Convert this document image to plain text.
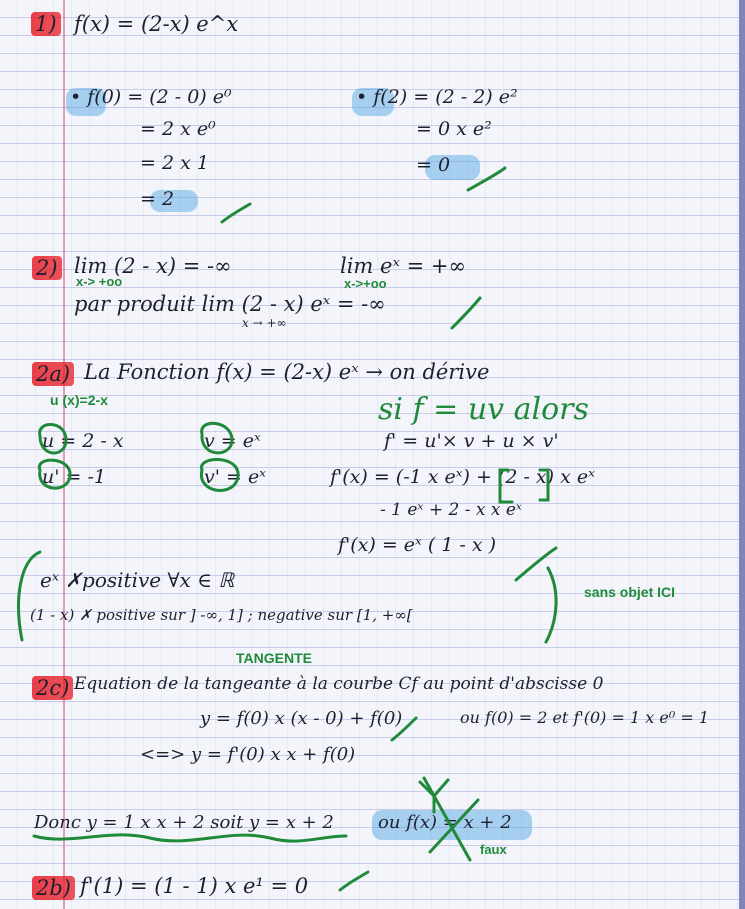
1) f(x) = (2-x) e^x
• f(0) = (2 - 0) e⁰
= 2 x e⁰
= 2 x 1
= 2
• f(2) = (2 - 2) e²
= 0 x e²
= 0
2) lim (2 - x) = -∞
x-> +oo
lim eˣ = +∞
x->+oo
par produit lim (2 - x) eˣ = -∞
x → +∞
2a) La Fonction f(x) = (2-x) eˣ → on dérive
u (x)=2-x	si f = uv alors
u = 2 - x
u' = -1
v = eˣ
v' = eˣ
f' = u'× v + u × v'
f'(x) = (-1 x eˣ) + (2 - x) x eˣ
- 1 eˣ + 2 - x x eˣ
f'(x) = eˣ ( 1 - x )
eˣ ✗positive ∀x ∈ ℝ
(1 - x) ✗ positive sur ] -∞, 1] ; negative sur [1, +∞[
sans objet ICI
TANGENTE
2c) Equation de la tangeante à la courbe Cf au point d'abscisse 0
y = f(0) x (x - 0) + f(0)	ou f(0) = 2 et f'(0) = 1 x e⁰ = 1
<=> y = f'(0) x x + f(0)
Donc y = 1 x x + 2 soit y = x + 2 ou f(x) = x + 2
faux
2b) f'(1) = (1 - 1) x e¹ = 0
